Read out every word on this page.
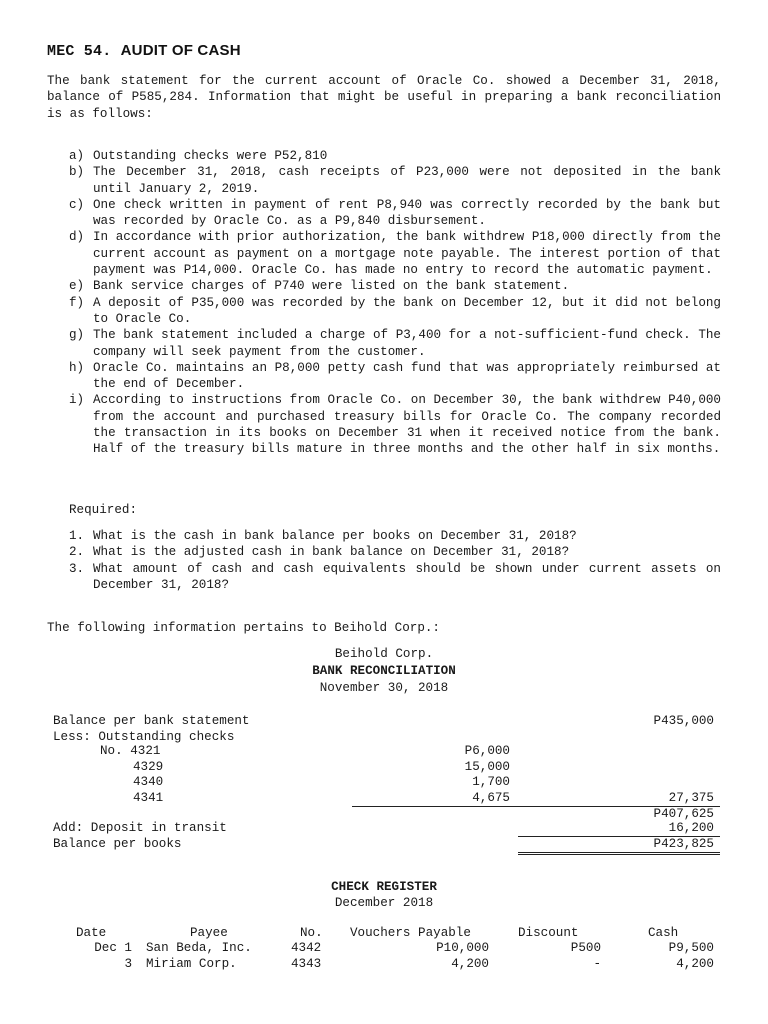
MEC 54. AUDIT OF CASH
The bank statement for the current account of Oracle Co. showed a December 31, 2018, balance of P585,284. Information that might be useful in preparing a bank reconciliation is as follows:
a) Outstanding checks were P52,810
b) The December 31, 2018, cash receipts of P23,000 were not deposited in the bank until January 2, 2019.
c) One check written in payment of rent P8,940 was correctly recorded by the bank but was recorded by Oracle Co. as a P9,840 disbursement.
d) In accordance with prior authorization, the bank withdrew P18,000 directly from the current account as payment on a mortgage note payable. The interest portion of that payment was P14,000. Oracle Co. has made no entry to record the automatic payment.
e) Bank service charges of P740 were listed on the bank statement.
f) A deposit of P35,000 was recorded by the bank on December 12, but it did not belong to Oracle Co.
g) The bank statement included a charge of P3,400 for a not-sufficient-fund check. The company will seek payment from the customer.
h) Oracle Co. maintains an P8,000 petty cash fund that was appropriately reimbursed at the end of December.
i) According to instructions from Oracle Co. on December 30, the bank withdrew P40,000 from the account and purchased treasury bills for Oracle Co. The company recorded the transaction in its books on December 31 when it received notice from the bank. Half of the treasury bills mature in three months and the other half in six months.
Required:
1. What is the cash in bank balance per books on December 31, 2018?
2. What is the adjusted cash in bank balance on December 31, 2018?
3. What amount of cash and cash equivalents should be shown under current assets on December 31, 2018?
The following information pertains to Beihold Corp.:
Beihold Corp.
BANK RECONCILIATION
November 30, 2018
Balance per bank statement	P435,000
Less: Outstanding checks
No. 4321	P6,000
4329	15,000
4340	1,700
4341	4,675	27,375
P407,625
Add: Deposit in transit	16,200
Balance per books	P423,825
CHECK REGISTER
December 2018
Date	Payee	No. Vouchers Payable	Discount	Cash
Dec 1 San Beda, Inc.	4342	P10,000	P500	P9,500
3 Miriam Corp.	4343	4,200	-	4,200
